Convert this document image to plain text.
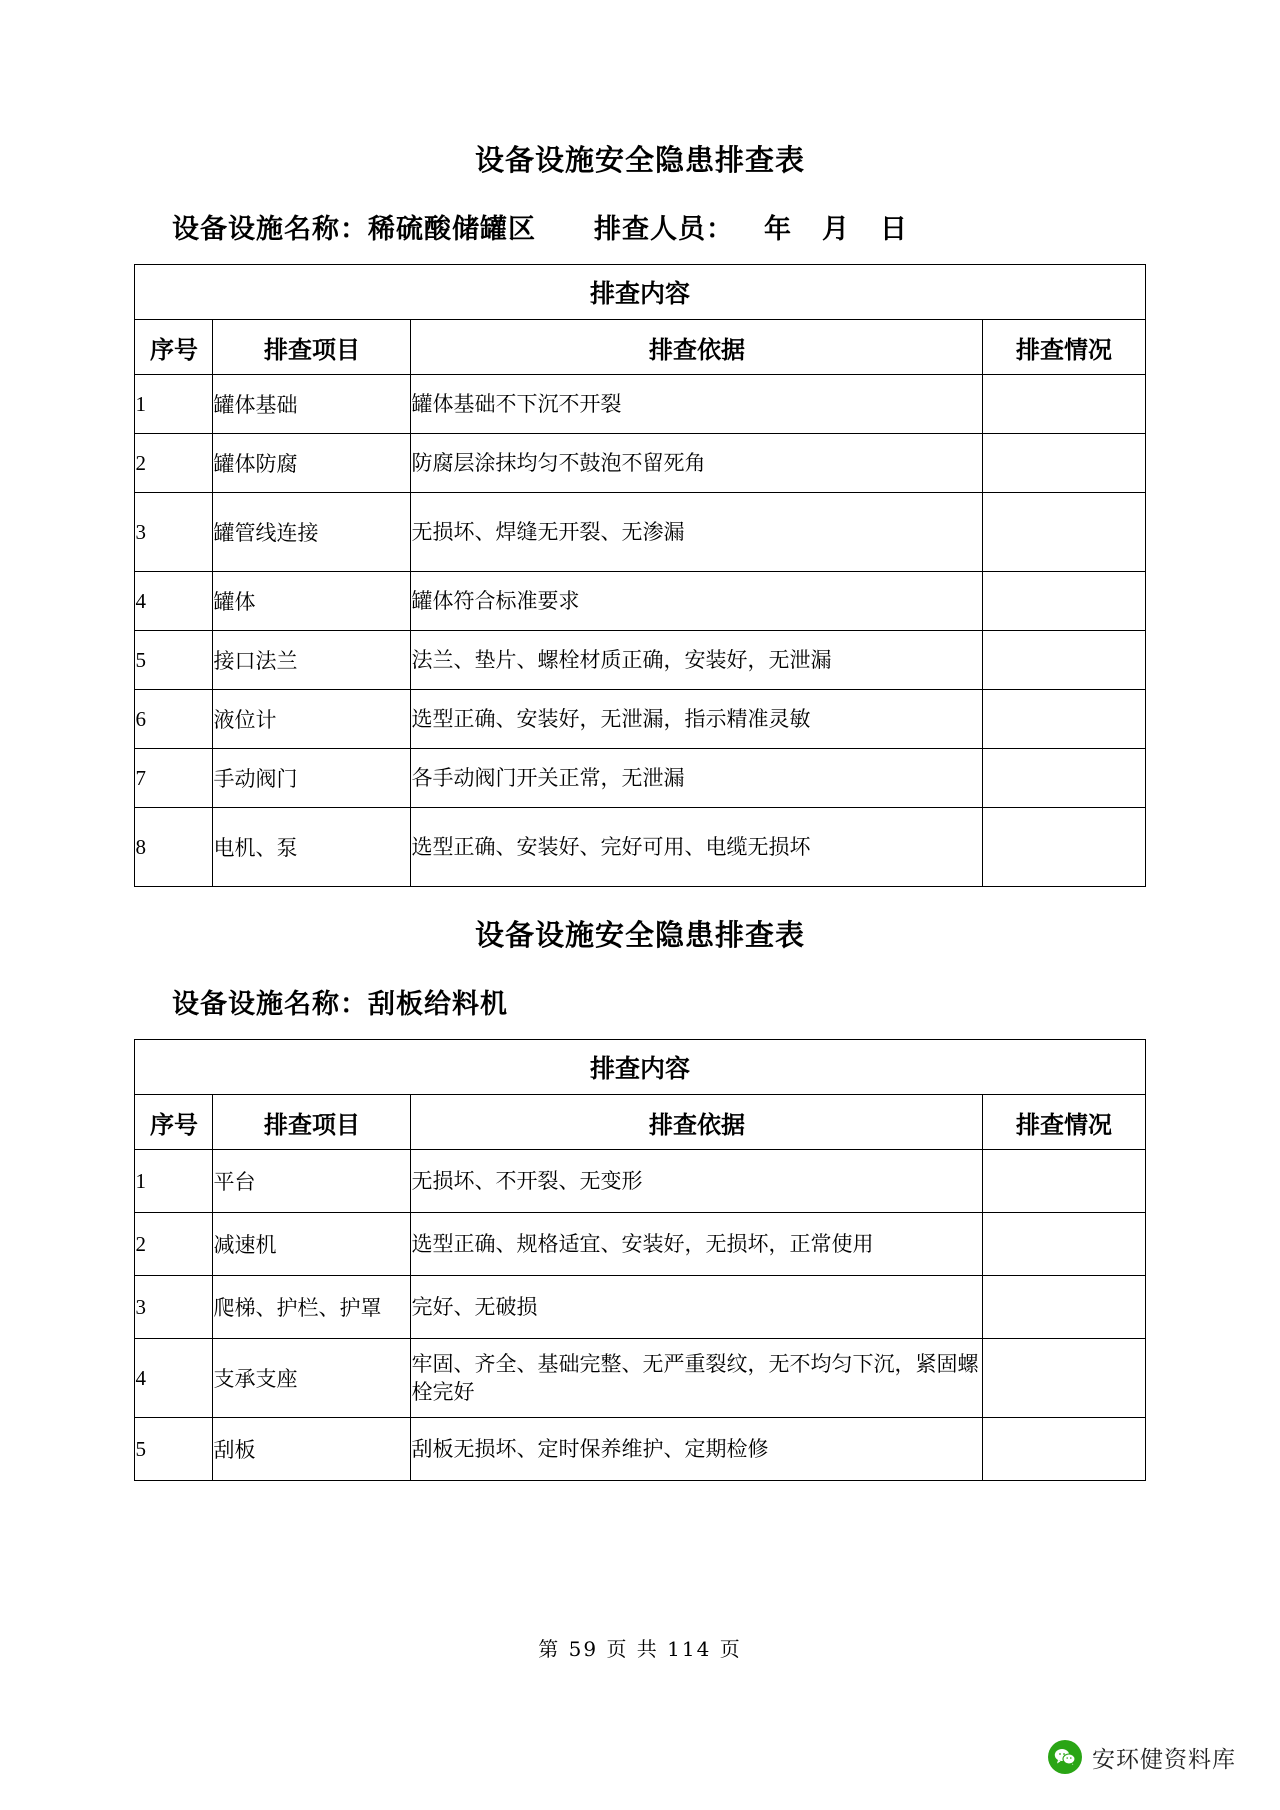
设备设施安全隐患排查表
设备设施名称：稀硫酸储罐区 排查人员： 年 月 日
排查内容			
序号	排查项目	排查依据	排查情况
1	罐体基础	罐体基础不下沉不开裂	
2	罐体防腐	防腐层涂抹均匀不鼓泡不留死角	
3	罐管线连接	无损坏、焊缝无开裂、无渗漏	
4	罐体	罐体符合标准要求	
5	接口法兰	法兰、垫片、螺栓材质正确，安装好，无泄漏	
6	液位计	选型正确、安装好，无泄漏，指示精准灵敏	
7	手动阀门	各手动阀门开关正常，无泄漏	
8	电机、泵	选型正确、安装好、完好可用、电缆无损坏	
设备设施安全隐患排查表
设备设施名称：刮板给料机
排查内容			
序号	排查项目	排查依据	排查情况
1	平台	无损坏、不开裂、无变形	
2	减速机	选型正确、规格适宜、安装好，无损坏，正常使用	
3	爬梯、护栏、护罩	完好、无破损	
4	支承支座	牢固、齐全、基础完整、无严重裂纹，无不均匀下沉，紧固螺栓完好	
5	刮板	刮板无损坏、定时保养维护、定期检修	
第 59 页 共 114 页
安环健资料库
